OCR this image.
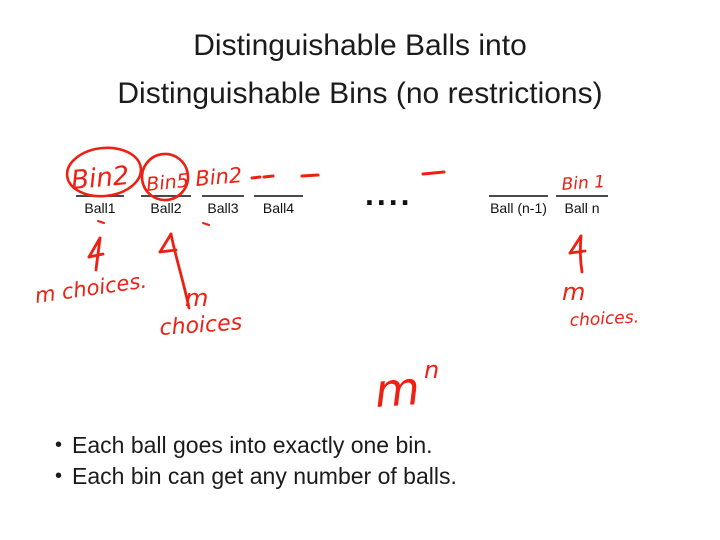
Distinguishable Balls into
Distinguishable Bins (no restrictions)
Ball1 Ball2 Ball3 Ball4	Ball (n-1) Ball n
....
Bin2 Bin5 Bin2	Bin 1
m choices. m
choices
m
choices.
m n
• Each ball goes into exactly one bin.
• Each bin can get any number of balls.
